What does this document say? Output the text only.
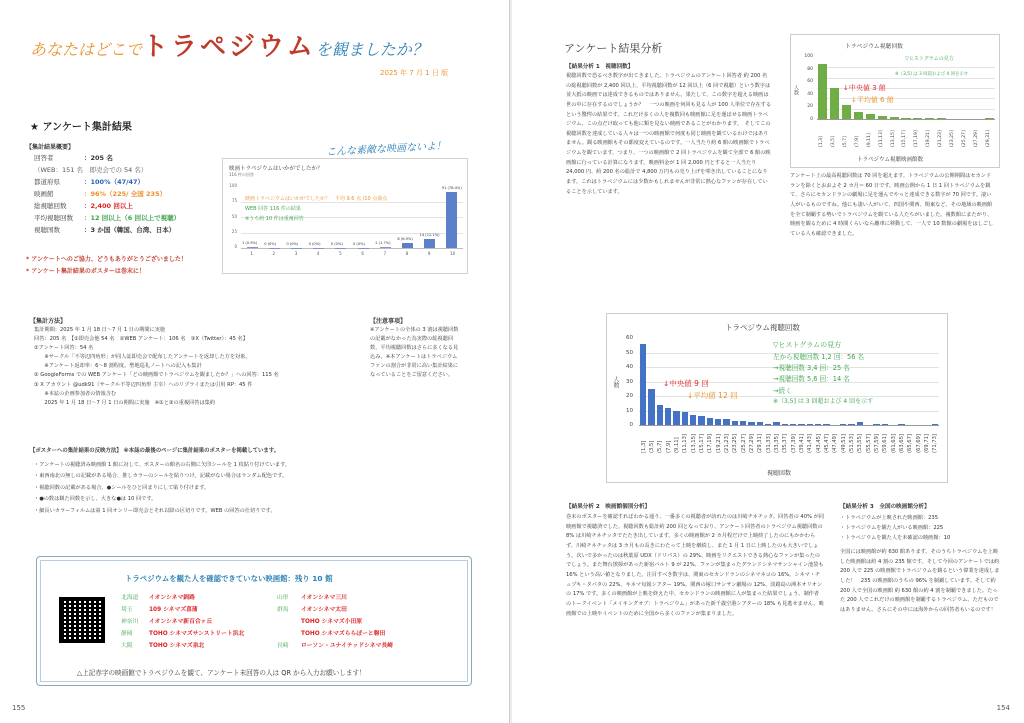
あなたはどこでトラペジウムを観ましたか？
2025 年 7 月 1 日 版
★ アンケート集計結果
【集計結果概要】
回答者	：205 名
（WEB：151 名　即売会での 54 名）
都道府県	：100%（47/47）
映画館	：96%（225/ 全国 235）
総視聴回数	：2,400 回以上
平均視聴回数	：12 回以上（6 回以上で視聴）
視聴国数	：3 か国（韓国、台湾、日本）
* アンケートへのご協力、どうもありがとうございました！
* アンケート集計結果のポスターは巻末に！
こんな素敵な映画ないよ！
映画トラペジウムはいかがでしたか？
116 件の回答
100
75
50
25
0
1 (0.9%)
1
0 (0%)
2
0 (0%)
3
0 (0%)
4
0 (0%)
5
0 (0%)
6
2 (1.7%)
7
8 (6.9%)
8
14 (12.1%)
9
91 (78.4%)
10
映画トラペジウムはいかがでしたか？　平均 9.6 点 /10 点満点
WEB 回答 116 件の結果
※うち約 10 件は重複回答
【集計方法】
集計期間：2025 年 1 月 18 日〜7 月 1 日の期間に実施
回答：205 名　【①即売会他 54 名　②WEB アンケート：106 名　③X（Twitter）：45 名】
①アンケート回答：54 名
　　※サークル「不等辺四角形」が同人誌即売会で配布したアンケートを返却した方を対象。
　　※アンケート返却率：6〜8 割程度。聖地巡礼ノートへの記入も集計
② GoogleForms での WEB アンケート「どの映画館でトラペジウムを観ましたか？」への回答：115 名
③ X アカウント @udk91（サークル不等辺四角形 主宰）へのリプライまたは引用 RP：45 件
　　※本誌の企画参加者の情報含む
　　2025 年 1 月 18 日〜7 月 1 日の期間に実施　※①と③の重複回答は集約
【ポスターへの集計結果の反映方法】 ※本誌の最後のページに集計結果のポスターを掲載しています。
・アンケートの視聴済み映画館 1 館に対して、ポスターの館名の右側に矢印シールを 1 枚貼り付けています。
・東西南北の無しの記載がある場合、推しカラーのシールを貼りつけ。記載がない場合はランダム配色です。
・視聴回数の記載がある場合、●シールをひと回まりにして貼り付けます。
・●の数は観た回数を示し、大きな●は 10 回です。
・細長いカラーフィルムは第 1 回オンリー即売会とそれ以降の区切りです。WEB の回答の仕切りです。
【注意事項】
※アンケートの全体の 3 割は視聴回数の記載がなかった為実際の総視聴回数、平均視聴回数はさらに多くなる見込み。※本アンケートはトラペジウムファンの割合が非常に高い集計結果になっていることをご留意ください。
トラペジウムを観た人を確認できていない映画館：残り 10 館
北海道	イオンシネマ釧路	山形	イオンシネマ三川
埼玉	109 シネマズ菖蒲	群馬	イオンシネマ太田
神奈川	イオンシネマ新百合ヶ丘	TOHO シネマズ小田原
静岡	TOHO シネマズサンストリート浜北	TOHO シネマズららぽーと磐田
大阪	TOHO シネマズ泉北	長崎	ローソン・ユナイテッドシネマ長崎
△上記赤字の映画館でトラペジウムを観て、アンケート未回答の人は QR から入力お願いします！
155
アンケート結果分析
【結果分析 1　視聴回数】
視聴回数で恐るべき数字が出てきました。トラペジウムのアンケート回答者 約 200 名の総視聴回数が 2,400 回以上、平均視聴回数が 12 回以上（6 回で視聴）という数字は並大抵の映画では達成できるものではありません。果たして、この数字を超える映画は世の中に存在するのでしょうか？　一つの映画を何回も見る人が 100 人単位で存在するという驚愕の結果です。これだけ多くの人を複数回も映画館に足を運ばせる映画トラペジウム、この点だけ取っても他に類を見ない映画であることがわかります。　そしてこの視聴回数を達成している人々は一つの映画館で何度も同じ映画を観ているわけではありません。観る映画館もその都度変えているのです。一人当たり約 6 館の映画館でトラペジウムを観ています。つまり、一つの映画館で 2 回トラペジウムを観て全部で 6 館の映画館に行っている計算になります。映画料金が 1 回 2,000 円とすると一人当たり 24,000 円、約 200 名の総計で 4,800 万円もの売り上げを叩き出していることになります。これはトラペジウムには少数かもしれませんが非常に熱心なファンが存在していることを示しています。
アンケート上の最高視聴回数は 70 回を超えます。トラペジウムの公開期間はセカンドランを除くとおおよそ 2 カ月＝ 60 日です。映画公開から 1 日 1 回トラペジウムを観て、さらにセカンドランの劇場に足を運んでやっと達成できる数字が 70 回です。凄い人がいるものですね。他にも凄い人がいて、四国や関西、関東など、その地域の映画館を全て制覇する勢いでトラペジウムを観ている人たちがいました。複数館にまたがり、映画を観るために 4 時間くらいなら離車に移動して、一人で 10 数館の劇場をはしごしている人も確認できました。
トラペジウム視聴回数
人数
100
80
60
40
20
0
[1,3] (3,5] (5,7] (7,9] (9,11] (11,13] (13,15] (15,17] (17,19] (19,21] (21,23] (23,25] (25,27] (27,29] (29,31]
トラペジウム視聴映画館数
▽ヒストグラムの見方
※（3,5] は 3 回超および 4 回を示す
↓中央値 3 館
↓平均値 6 館
トラペジウム視聴回数
人数
60
50
40
30
20
10
0
[1,3] (3,5] (5,7] (7,9] (9,11] (11,13] (13,15] (15,17] (17,19] (19,21] (21,23] (23,25] (25,27] (27,29] (29,31] (31,33] (33,35] (35,37] (37,39] (39,41] (41,43] (43,45] (45,47] (47,49] (49,51] (51,53] (53,55] (55,57] (57,59] (59,61] (61,63] (63,65] (65,67] (67,69] (69,71] (71,73]
視聴回数
▽ヒストグラムの見方
左から視聴回数 1,2 回：56 名
→視聴回数 3,4 回：25 名
→視聴回数 5,6 回：14 名
→続く
※（3,5] は 3 回超および 4 回を示す
↓中央値 9 回
↓平均値 12 回
【結果分析 2　映画館個別分析】
巻末のポスターを確認すればわかる通り、一番多くの視聴者が訪れたのは川崎チネチッタ。回答者の 40% が同映画館で視聴済でした。視聴回数も総計約 200 回となっており、アンケート回答者のトラペジウム視聴回数の 8% は川崎チネチッタでたたき出しています。多くの映画館が 2 カ月程だけで上映終了したのにもかかわらず、川崎チネチッタは 3 カ月もの長きにわたって上映を継続し、また 1 月 1 日に上映したのも大きいでしょう。次いで多かったのは秋葉原 UDX（ドリパス）の 29%、映画をリクエストできる熱心なファンが集ったのでしょう。また舞台挨拶があった新宿バルト 9 が 22%、ファンが集まったグランドシネマサンシャイン池袋も 16% という高い値となりました。注目すべき数字は、関東のセカンドランのシネマネコの 16%。シネマ・チュプキ・タバタの 22%、キネマ旬報シアター 19%。関西の塚口サンサン劇場の 12%、淡路島の洲本オリオンの 17% です。多くの映画館が上映を終えた中、セカンドランの映画館に人が集まった結果でしょう。制作者のトークイベント「メイキングオブ：トラペジウム」があった新千歳空港シアターの 18% も見逃せません。映画館での上映やイベントのために全国から多くのファンが集まりました。
【結果分析 3　全国の映画館分析】
・トラペジウムが上映された映画館：235
・トラペジウムを観た人がいる映画館：225
・トラペジウムを観た人を未確認の映画館：10
全国には映画館が約 630 館あります。そのうちトラペジウムを上映した映画館は約 4 割の 235 館です。そして今回のアンケートでは約 200 人で 225 の映画館でトラペジウムを観るという偉業を達成しました！　235 の映画館のうちの 96% を制覇しています。そして約 200 人で全国の映画館 約 630 館の約 4 割を制覇できました。たった 200 人でこれだけの映画館を制覇するトラペジウム、ただものではありません。さらにその中には海外からの回答者もいるのです！
154
